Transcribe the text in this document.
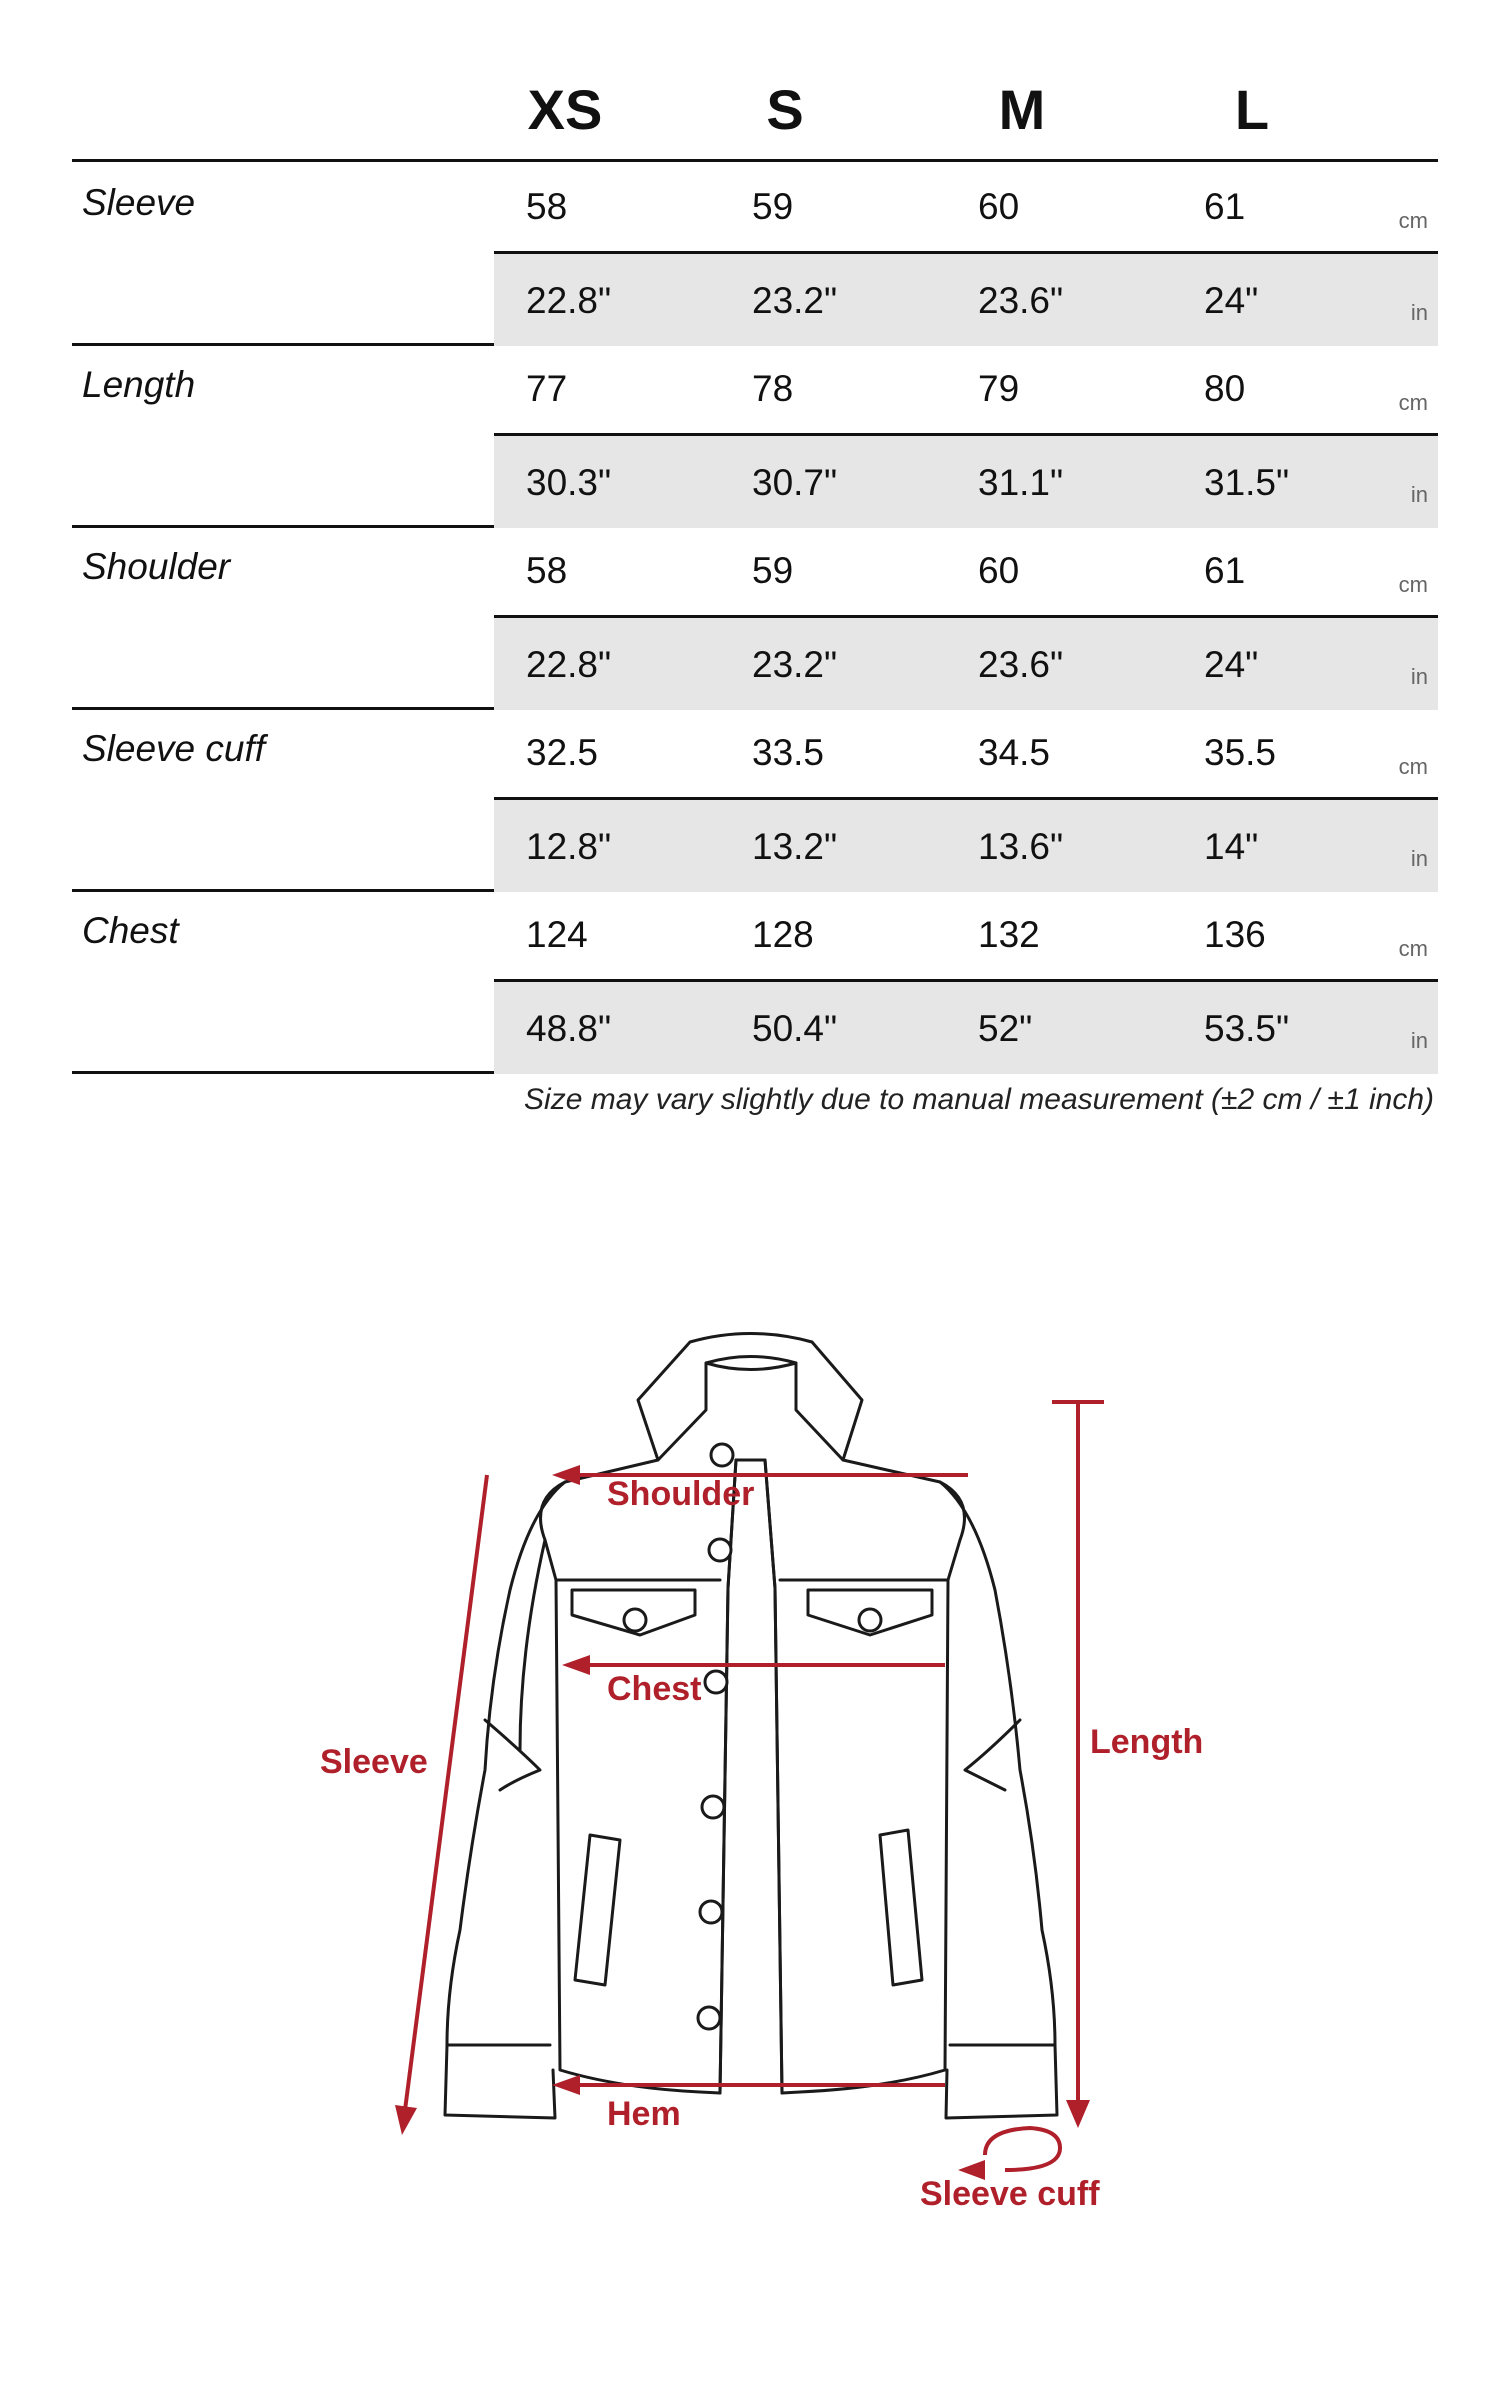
XS	S	M	L
Sleeve	58	59	60	61	cm
22.8"	23.2"	23.6"	24"	in
Length	77	78	79	80	cm
30.3"	30.7"	31.1"	31.5"	in
Shoulder	58	59	60	61	cm
22.8"	23.2"	23.6"	24"	in
Sleeve cuff	32.5	33.5	34.5	35.5	cm
12.8"	13.2"	13.6"	14"	in
Chest	124	128	132	136	cm
48.8"	50.4"	52"	53.5"	in
Size may vary slightly due to manual measurement (±2 cm / ±1 inch)
Shoulder
Chest
Hem
Sleeve
Length
Sleeve cuff
